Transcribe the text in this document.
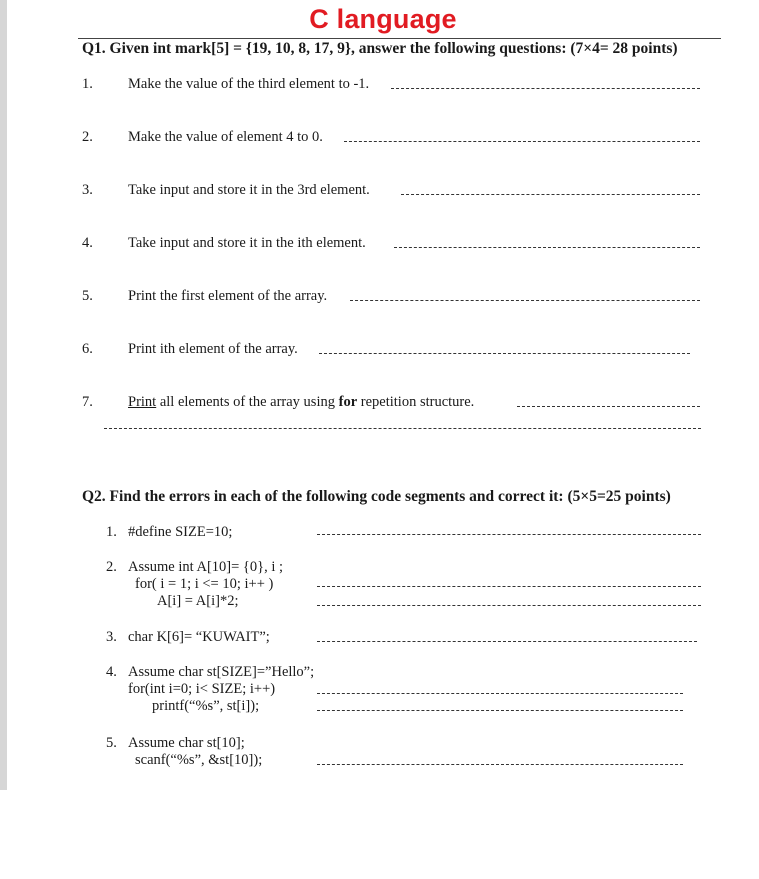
C language
Q1. Given int mark[5] = {19, 10, 8, 17, 9}, answer the following questions: (7×4= 28 points)
1. Make the value of the third element to -1.
2. Make the value of element 4 to 0.
3. Take input and store it in the 3rd element.
4. Take input and store it in the ith element.
5. Print the first element of the array.
6. Print ith element of the array.
7. Print all elements of the array using for repetition structure.
Q2. Find the errors in each of the following code segments and correct it: (5×5=25 points)
1. #define SIZE=10;
2. Assume int A[10]= {0}, i ;
for( i = 1; i <= 10; i++ )
A[i] = A[i]*2;
3. char K[6]= “KUWAIT”;
4. Assume char st[SIZE]=”Hello”;
for(int i=0; i< SIZE; i++)
printf(“%s”, st[i]);
5. Assume char st[10];
scanf(“%s”, &st[10]);
